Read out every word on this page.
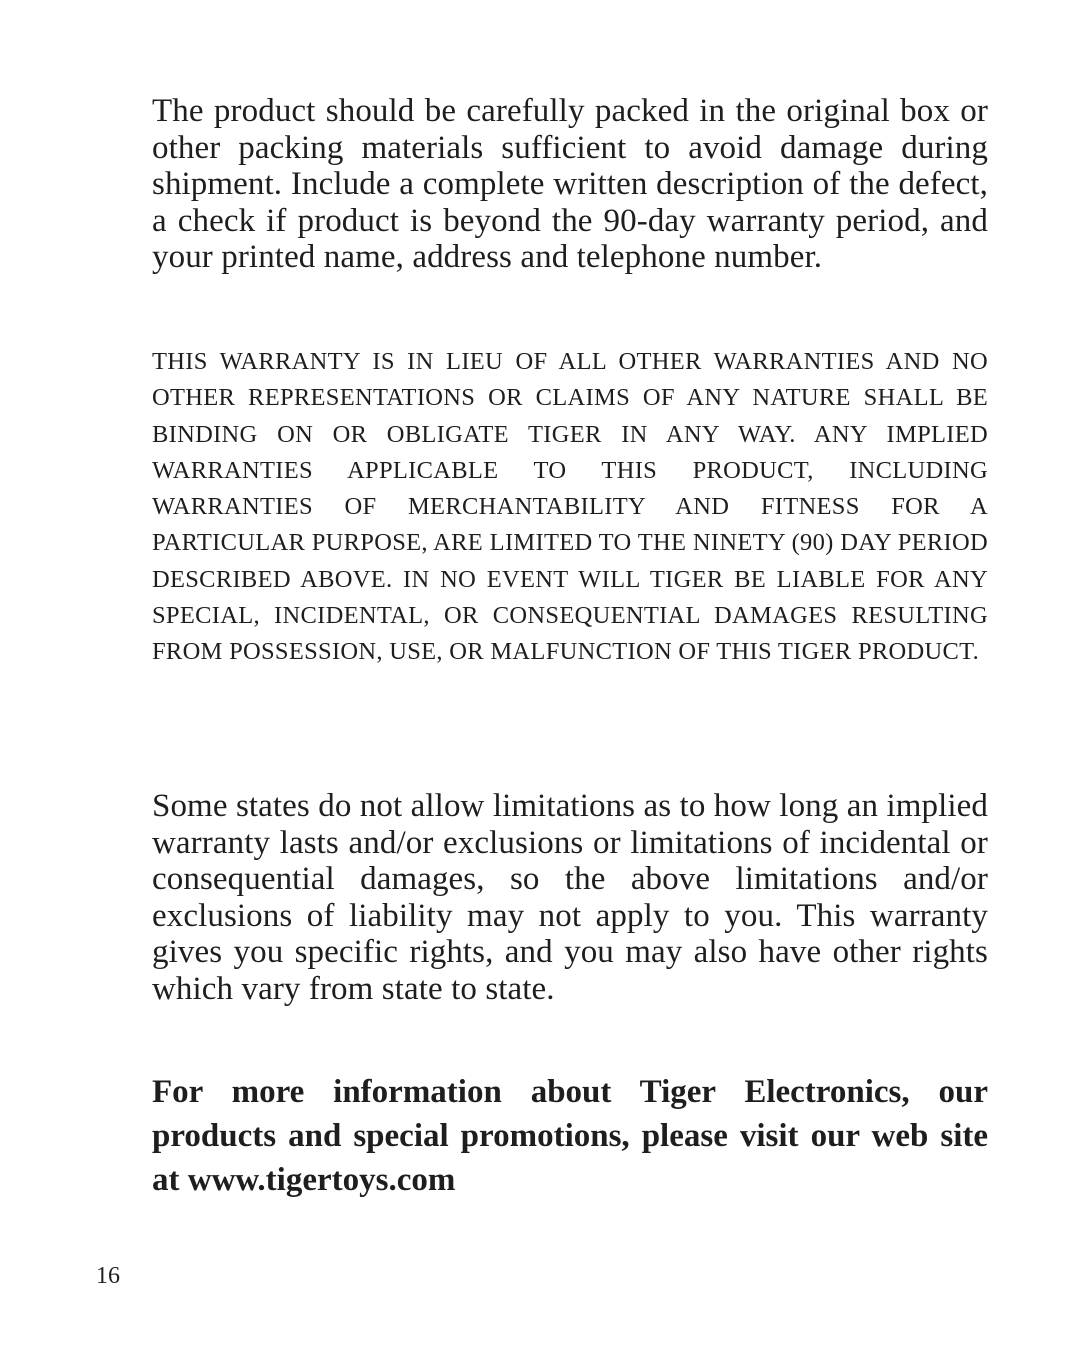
The product should be carefully packed in the original box or other packing materials sufficient to avoid damage during shipment. Include a complete written description of the defect, a check if product is beyond the 90-day warranty period, and your printed name, address and telephone number.

THIS WARRANTY IS IN LIEU OF ALL OTHER WARRANTIES AND NO OTHER REPRESENTATIONS OR CLAIMS OF ANY NATURE SHALL BE BINDING ON OR OBLIGATE TIGER IN ANY WAY. ANY IMPLIED WARRANTIES APPLICABLE TO THIS PRODUCT, INCLUDING WARRANTIES OF MERCHANTABILITY AND FITNESS FOR A PARTICULAR PURPOSE, ARE LIMITED TO THE NINETY (90) DAY PERIOD DESCRIBED ABOVE. IN NO EVENT WILL TIGER BE LIABLE FOR ANY SPECIAL, INCIDENTAL, OR CONSEQUENTIAL DAMAGES RESULTING FROM POSSESSION, USE, OR MALFUNCTION OF THIS TIGER PRODUCT.

Some states do not allow limitations as to how long an implied warranty lasts and/or exclusions or limitations of incidental or consequential damages, so the above limitations and/or exclusions of liability may not apply to you. This warranty gives you specific rights, and you may also have other rights which vary from state to state.

For more information about Tiger Electronics, our products and special promotions, please visit our web site at www.tigertoys.com

16
